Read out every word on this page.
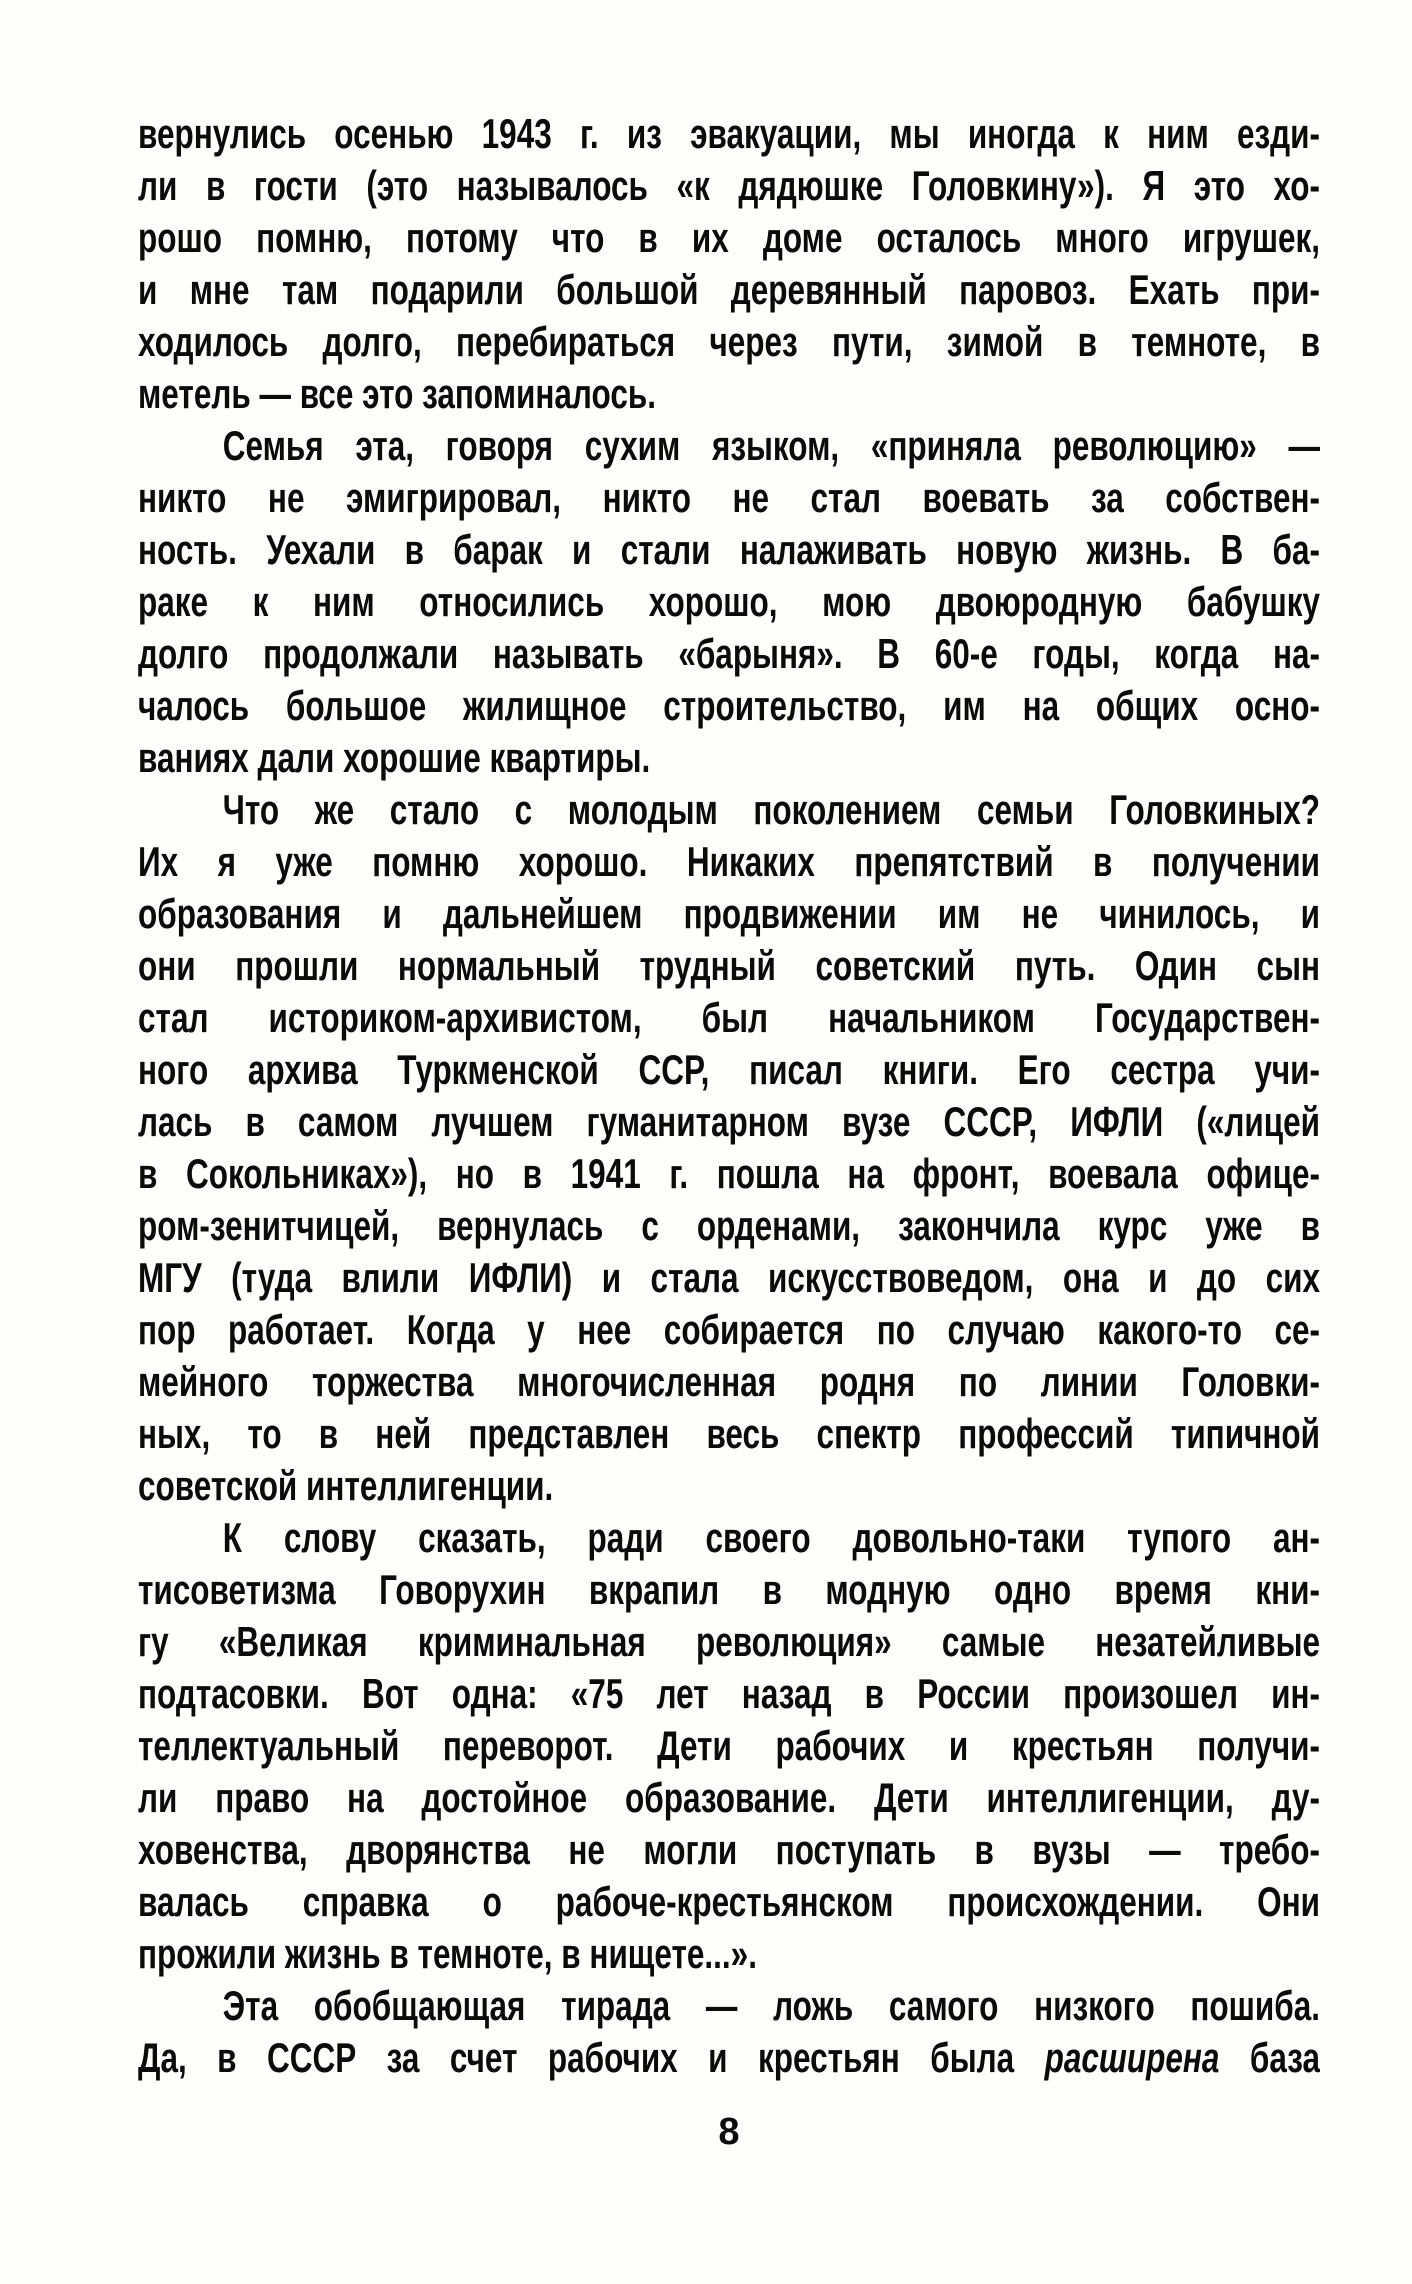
вернулись осенью 1943 г. из эвакуации, мы иногда к ним езди-
ли в гости (это называлось «к дядюшке Головкину»). Я это хо-
рошо помню, потому что в их доме осталось много игрушек,
и мне там подарили большой деревянный паровоз. Ехать при-
ходилось долго, перебираться через пути, зимой в темноте, в
метель — все это запоминалось.
Семья эта, говоря сухим языком, «приняла революцию» —
никто не эмигрировал, никто не стал воевать за собствен-
ность. Уехали в барак и стали налаживать новую жизнь. В ба-
раке к ним относились хорошо, мою двоюродную бабушку
долго продолжали называть «барыня». В 60-е годы, когда на-
чалось большое жилищное строительство, им на общих осно-
ваниях дали хорошие квартиры.
Что же стало с молодым поколением семьи Головкиных?
Их я уже помню хорошо. Никаких препятствий в получении
образования и дальнейшем продвижении им не чинилось, и
они прошли нормальный трудный советский путь. Один сын
стал историком-архивистом, был начальником Государствен-
ного архива Туркменской ССР, писал книги. Его сестра учи-
лась в самом лучшем гуманитарном вузе СССР, ИФЛИ («лицей
в Сокольниках»), но в 1941 г. пошла на фронт, воевала офице-
ром-зенитчицей, вернулась с орденами, закончила курс уже в
МГУ (туда влили ИФЛИ) и стала искусствоведом, она и до сих
пор работает. Когда у нее собирается по случаю какого-то се-
мейного торжества многочисленная родня по линии Головки-
ных, то в ней представлен весь спектр профессий типичной
советской интеллигенции.
К слову сказать, ради своего довольно-таки тупого ан-
тисоветизма Говорухин вкрапил в модную одно время кни-
гу «Великая криминальная революция» самые незатейливые
подтасовки. Вот одна: «75 лет назад в России произошел ин-
теллектуальный переворот. Дети рабочих и крестьян получи-
ли право на достойное образование. Дети интеллигенции, ду-
ховенства, дворянства не могли поступать в вузы — требо-
валась справка о рабоче-крестьянском происхождении. Они
прожили жизнь в темноте, в нищете...».
Эта обобщающая тирада — ложь самого низкого пошиба.
Да, в СССР за счет рабочих и крестьян была расширена база
8
